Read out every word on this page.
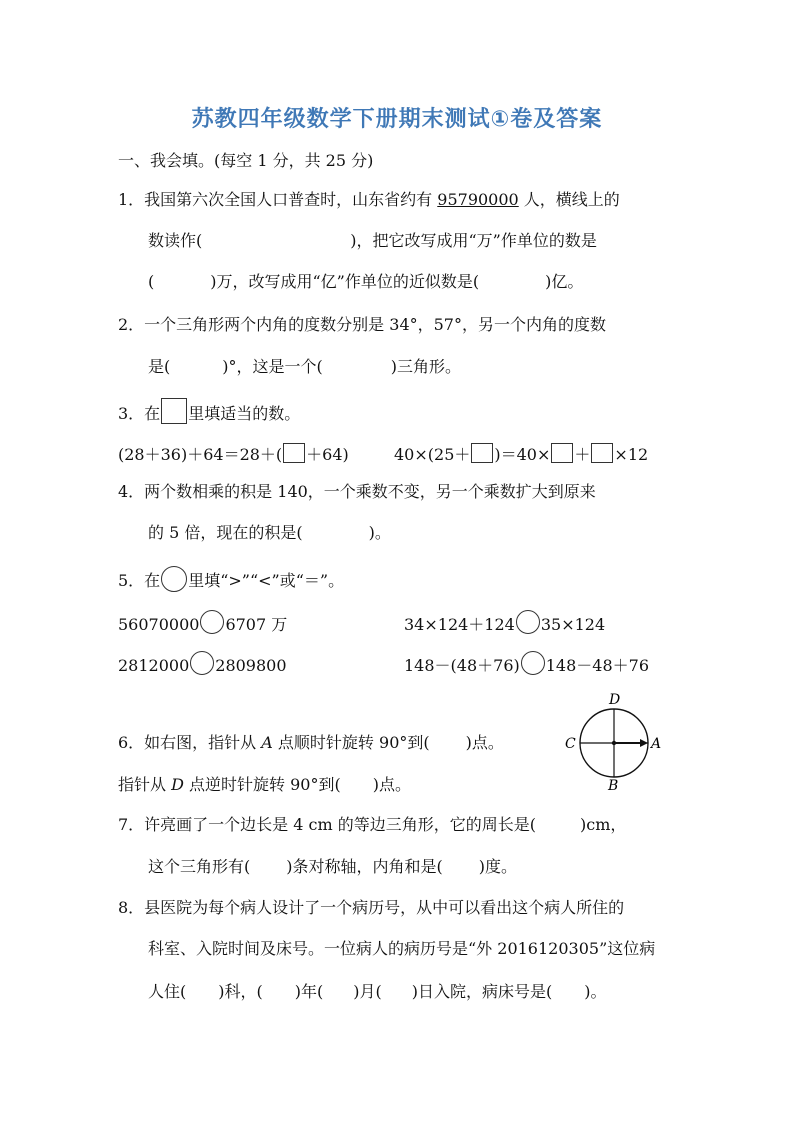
苏教四年级数学下册期末测试①卷及答案
一、我会填。(每空 1 分，共 25 分)
1．我国第六次全国人口普查时，山东省约有 95790000 人，横线上的
数读作(	)，把它改写成用“万”作单位的数是
(	)万，改写成用“亿”作单位的近似数是(	)亿。
2．一个三角形两个内角的度数分别是 34°，57°，另一个内角的度数
是(	)°，这是一个(	)三角形。
3．在 里填适当的数。
(28＋36)＋64＝28＋( ＋64)	40×(25＋ )＝40× ＋ ×12
4．两个数相乘的积是 140，一个乘数不变，另一个乘数扩大到原来
的 5 倍，现在的积是(	)。
5．在 里填“>”“<”或“＝”。
56070000 6707 万	34×124＋124 35×124
2812000 2809800	148－(48＋76) 148－48＋76
6．如右图，指针从 A 点顺时针旋转 90°到( )点。
指针从 D 点逆时针旋转 90°到( )点。
D
C	A
B
7．许亮画了一个边长是 4 cm 的等边三角形，它的周长是(	)cm，
这个三角形有( )条对称轴，内角和是( )度。
8．县医院为每个病人设计了一个病历号，从中可以看出这个病人所住的
科室、入院时间及床号。一位病人的病历号是“外 2016120305”这位病
人住( )科，( )年( )月( )日入院，病床号是( )。
